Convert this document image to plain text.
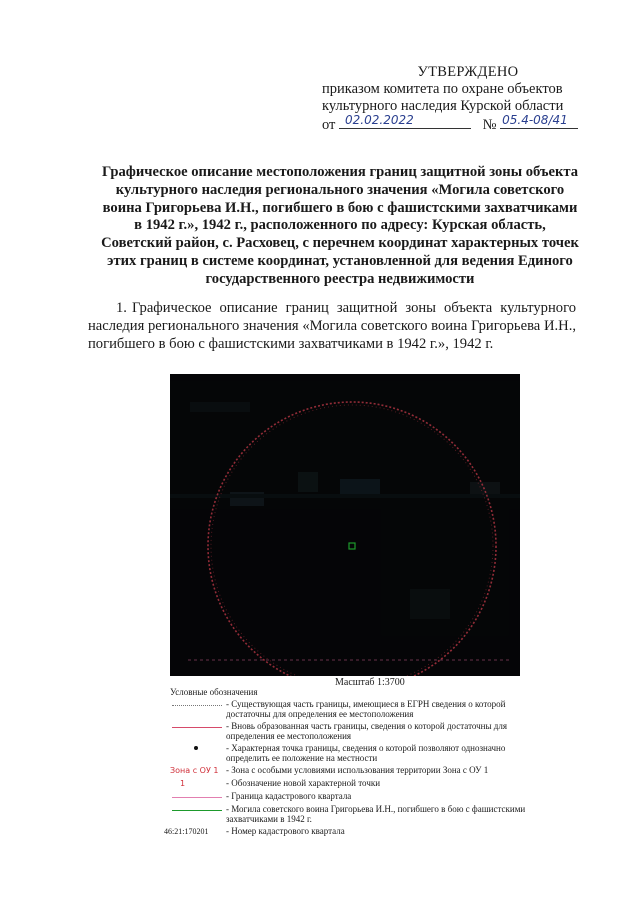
УТВЕРЖДЕНО
приказом комитета по охране объектов
культурного наследия Курской области
от 02.02.2022	№ 05.4-08/41
Графическое описание местоположения границ защитной зоны объекта культурного наследия регионального значения «Могила советского воина Григорьева И.Н., погибшего в бою с фашистскими захватчиками в 1942 г.», 1942 г., расположенного по адресу: Курская область, Советский район, с. Расховец, с перечнем координат характерных точек этих границ в системе координат, установленной для ведения Единого государственного реестра недвижимости
1. Графическое описание границ защитной зоны объекта культурного наследия регионального значения «Могила советского воина Григорьева И.Н., погибшего в бою с фашистскими захватчиками в 1942 г.», 1942 г.
Масштаб 1:3700
Условные обозначения
- Существующая часть границы, имеющиеся в ЕГРН сведения о которой достаточны для определения ее местоположения
- Вновь образованная часть границы, сведения о которой достаточны для определения ее местоположения
- Характерная точка границы, сведения о которой позволяют однозначно определить ее положение на местности
Зона с ОУ 1 - Зона с особыми условиями использования территории Зона с ОУ 1
1	- Обозначение новой характерной точки
- Граница кадастрового квартала
- Могила советского воина Григорьева И.Н., погибшего в бою с фашистскими захватчиками в 1942 г.
46:21:170201 - Номер кадастрового квартала
